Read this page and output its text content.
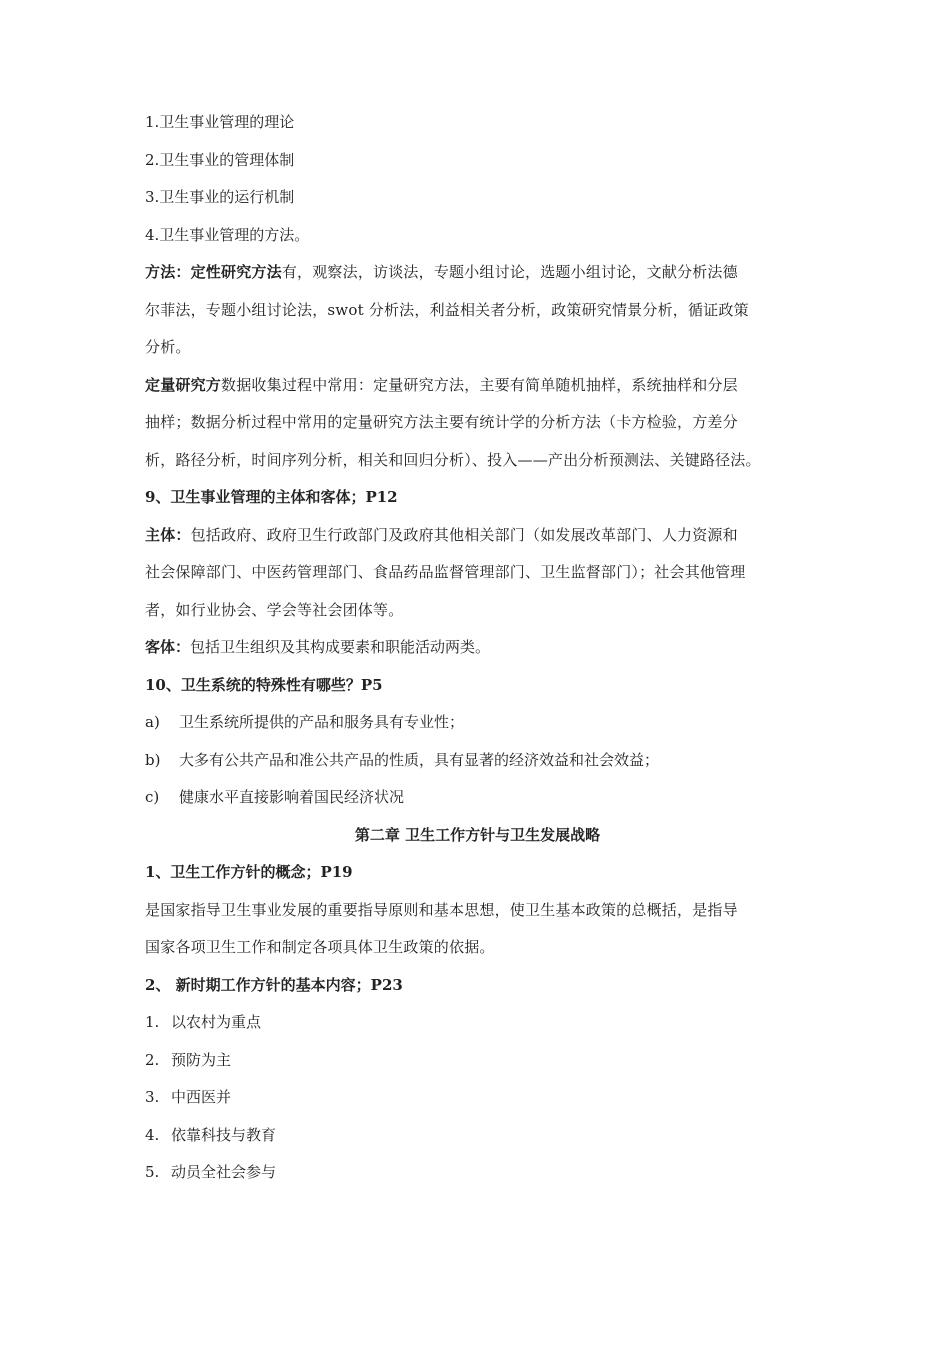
1.卫生事业管理的理论
2.卫生事业的管理体制
3.卫生事业的运行机制
4.卫生事业管理的方法。
方法：定性研究方法有，观察法，访谈法，专题小组讨论，选题小组讨论，文献分析法德
尔菲法，专题小组讨论法，swot 分析法，利益相关者分析，政策研究情景分析，循证政策
分析。
定量研究方数据收集过程中常用：定量研究方法，主要有简单随机抽样，系统抽样和分层
抽样；数据分析过程中常用的定量研究方法主要有统计学的分析方法（卡方检验，方差分
析，路径分析，时间序列分析，相关和回归分析）、投入——产出分析预测法、关键路径法。
9、卫生事业管理的主体和客体；P12
主体：包括政府、政府卫生行政部门及政府其他相关部门（如发展改革部门、人力资源和
社会保障部门、中医药管理部门、食品药品监督管理部门、卫生监督部门）；社会其他管理
者，如行业协会、学会等社会团体等。
客体：包括卫生组织及其构成要素和职能活动两类。
10、卫生系统的特殊性有哪些？P5
a) 卫生系统所提供的产品和服务具有专业性；
b) 大多有公共产品和准公共产品的性质，具有显著的经济效益和社会效益；
c) 健康水平直接影响着国民经济状况
第二章 卫生工作方针与卫生发展战略
1、卫生工作方针的概念；P19
是国家指导卫生事业发展的重要指导原则和基本思想，使卫生基本政策的总概括，是指导
国家各项卫生工作和制定各项具体卫生政策的依据。
2、 新时期工作方针的基本内容；P23
1. 以农村为重点
2. 预防为主
3. 中西医并
4. 依靠科技与教育
5. 动员全社会参与
